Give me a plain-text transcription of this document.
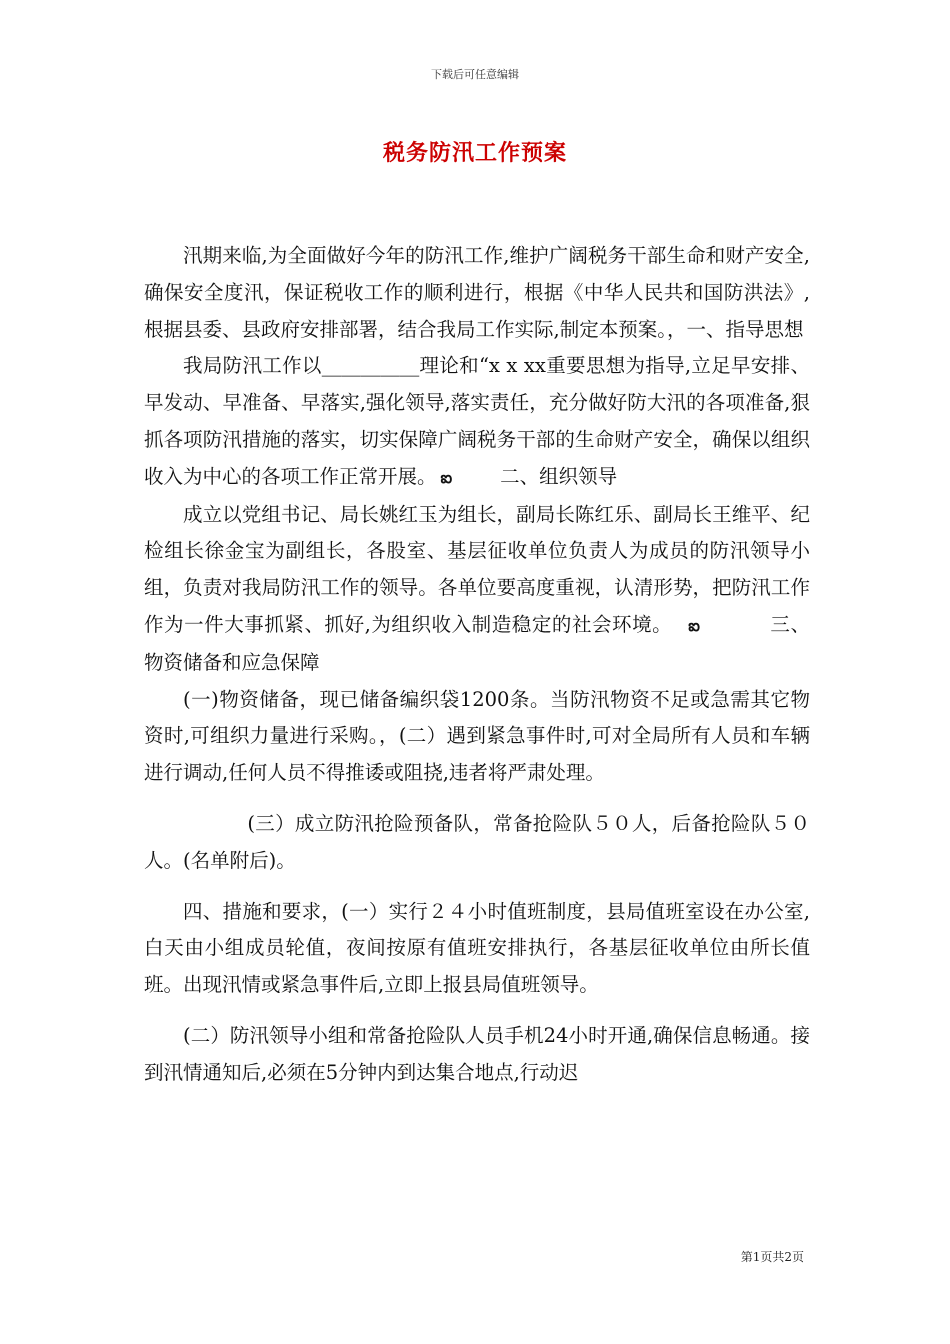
下载后可任意编辑
税务防汛工作预案

汛期来临,为全面做好今年的防汛工作,维护广阔税务干部生命和财产安全,确保安全度汛，保证税收工作的顺利进行，根据《中华人民共和国防洪法》,根据县委、县政府安排部署，结合我局工作实际,制定本预案。，一、指导思想

我局防汛工作以__________理论和“x x xx重要思想为指导,立足早安排、早发动、早准备、早落实,强化领导,落实责任，充分做好防大汛的各项准备,狠抓各项防汛措施的落实，切实保障广阔税务干部的生命财产安全，确保以组织收入为中心的各项工作正常开展。 ఐ 二、组织领导

成立以党组书记、局长姚红玉为组长，副局长陈红乐、副局长王维平、纪检组长徐金宝为副组长，各股室、基层征收单位负责人为成员的防汛领导小组，负责对我局防汛工作的领导。各单位要高度重视，认清形势，把防汛工作作为一件大事抓紧、抓好,为组织收入制造稳定的社会环境。 ఐ	三、物资储备和应急保障

(一)物资储备，现已储备编织袋1200条。当防汛物资不足或急需其它物资时,可组织力量进行采购。，(二）遇到紧急事件时,可对全局所有人员和车辆进行调动,任何人员不得推诿或阻挠,违者将严肃处理。

(三）成立防汛抢险预备队，常备抢险队５０人，后备抢险队５０人。(名单附后)。

四、措施和要求，(一）实行２４小时值班制度，县局值班室设在办公室,白天由小组成员轮值，夜间按原有值班安排执行，各基层征收单位由所长值班。出现汛情或紧急事件后,立即上报县局值班领导。

(二）防汛领导小组和常备抢险队人员手机24小时开通,确保信息畅通。接到汛情通知后,必须在5分钟内到达集合地点,行动迟

第1页共2页
